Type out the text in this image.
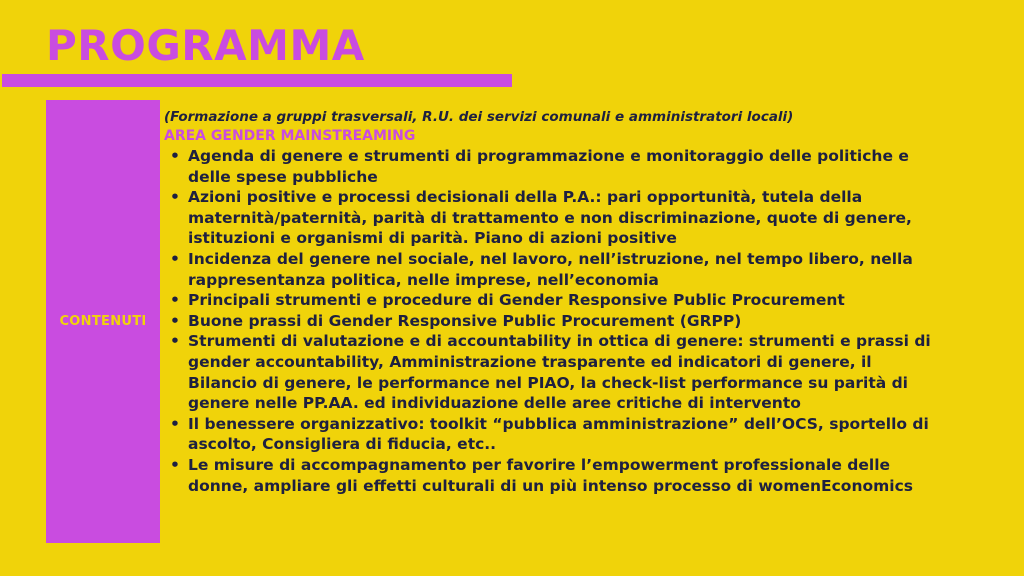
PROGRAMMA
CONTENUTI

(Formazione a gruppi trasversali, R.U. dei servizi comunali e amministratori locali)

AREA GENDER MAINSTREAMING

• Agenda di genere e strumenti di programmazione e monitoraggio delle politiche e delle spese pubbliche
• Azioni positive e processi decisionali della P.A.: pari opportunità, tutela della maternità/paternità, parità di trattamento e non discriminazione, quote di genere, istituzioni e organismi di parità. Piano di azioni positive
• Incidenza del genere nel sociale, nel lavoro, nell’istruzione, nel tempo libero, nella rappresentanza politica, nelle imprese, nell’economia
• Principali strumenti e procedure di Gender Responsive Public Procurement
• Buone prassi di Gender Responsive Public Procurement (GRPP)
• Strumenti di valutazione e di accountability in ottica di genere: strumenti e prassi di gender accountability, Amministrazione trasparente ed indicatori di genere, il Bilancio di genere, le performance nel PIAO, la check-list performance su parità di genere nelle PP.AA. ed individuazione delle aree critiche di intervento
• Il benessere organizzativo: toolkit “pubblica amministrazione” dell’OCS, sportello di ascolto, Consigliera di fiducia, etc..
• Le misure di accompagnamento per favorire l’empowerment professionale delle donne, ampliare gli effetti culturali di un più intenso processo di womenEconomics
